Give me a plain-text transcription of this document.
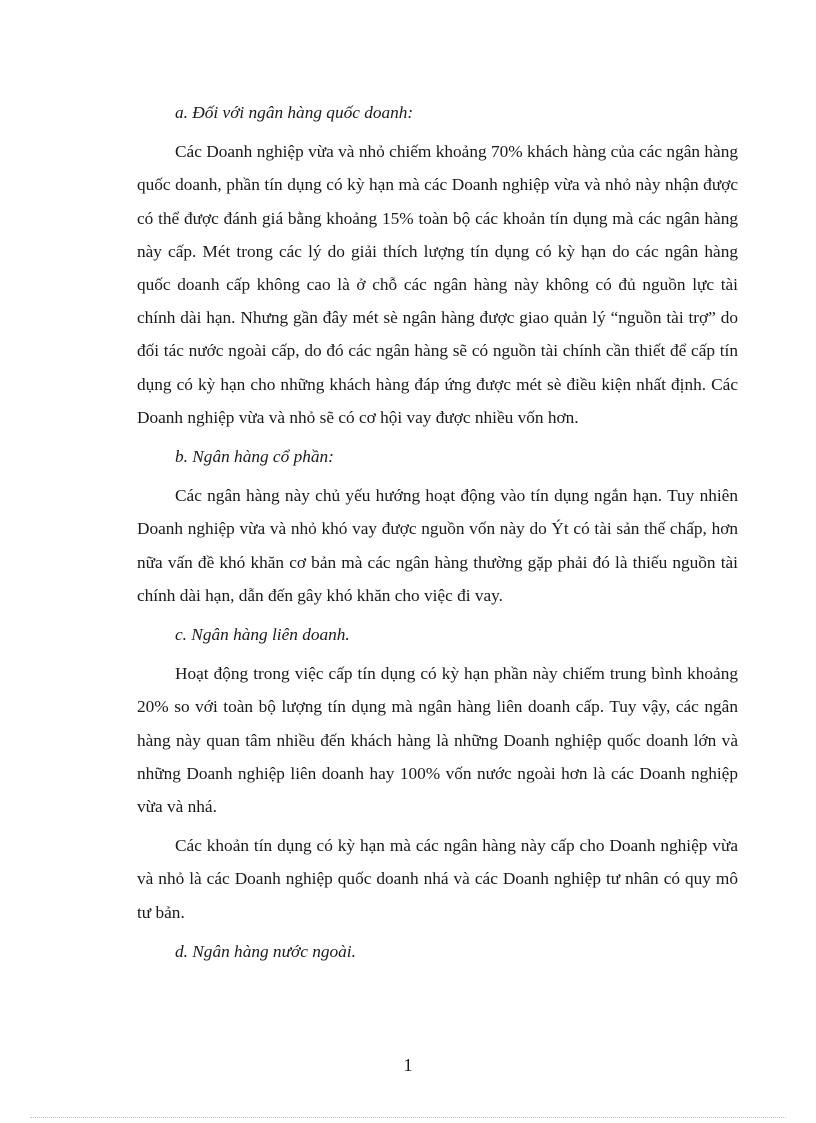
a. Đối với ngân hàng quốc doanh:

Các Doanh nghiệp vừa và nhỏ chiếm khoảng 70% khách hàng của các ngân hàng quốc doanh, phần tín dụng có kỳ hạn mà các Doanh nghiệp vừa và nhỏ này nhận được có thể được đánh giá bằng khoảng 15% toàn bộ các khoản tín dụng mà các ngân hàng này cấp. Mét trong các lý do giải thích lượng tín dụng có kỳ hạn do các ngân hàng quốc doanh cấp không cao là ở chỗ các ngân hàng này không có đủ nguồn lực tài chính dài hạn. Nhưng gần đây mét sè ngân hàng được giao quản lý “nguồn tài trợ” do đối tác nước ngoài cấp, do đó các ngân hàng sẽ có nguồn tài chính cần thiết để cấp tín dụng có kỳ hạn cho những khách hàng đáp ứng được mét sè điều kiện nhất định. Các Doanh nghiệp vừa và nhỏ sẽ có cơ hội vay được nhiều vốn hơn.

b. Ngân hàng cổ phần:

Các ngân hàng này chủ yếu hướng hoạt động vào tín dụng ngắn hạn. Tuy nhiên Doanh nghiệp vừa và nhỏ khó vay được nguồn vốn này do Ýt có tài sản thế chấp, hơn nữa vấn đề khó khăn cơ bản mà các ngân hàng thường gặp phải đó là thiếu nguồn tài chính dài hạn, dẫn đến gây khó khăn cho việc đi vay.

c. Ngân hàng liên doanh.

Hoạt động trong việc cấp tín dụng có kỳ hạn phần này chiếm trung bình khoảng 20% so với toàn bộ lượng tín dụng mà ngân hàng liên doanh cấp. Tuy vậy, các ngân hàng này quan tâm nhiều đến khách hàng là những Doanh nghiệp quốc doanh lớn và những Doanh nghiệp liên doanh hay 100% vốn nước ngoài hơn là các Doanh nghiệp vừa và nhá.

Các khoản tín dụng có kỳ hạn mà các ngân hàng này cấp cho Doanh nghiệp vừa và nhỏ là các Doanh nghiệp quốc doanh nhá và các Doanh nghiệp tư nhân có quy mô tư bản.

d. Ngân hàng nước ngoài.

1
